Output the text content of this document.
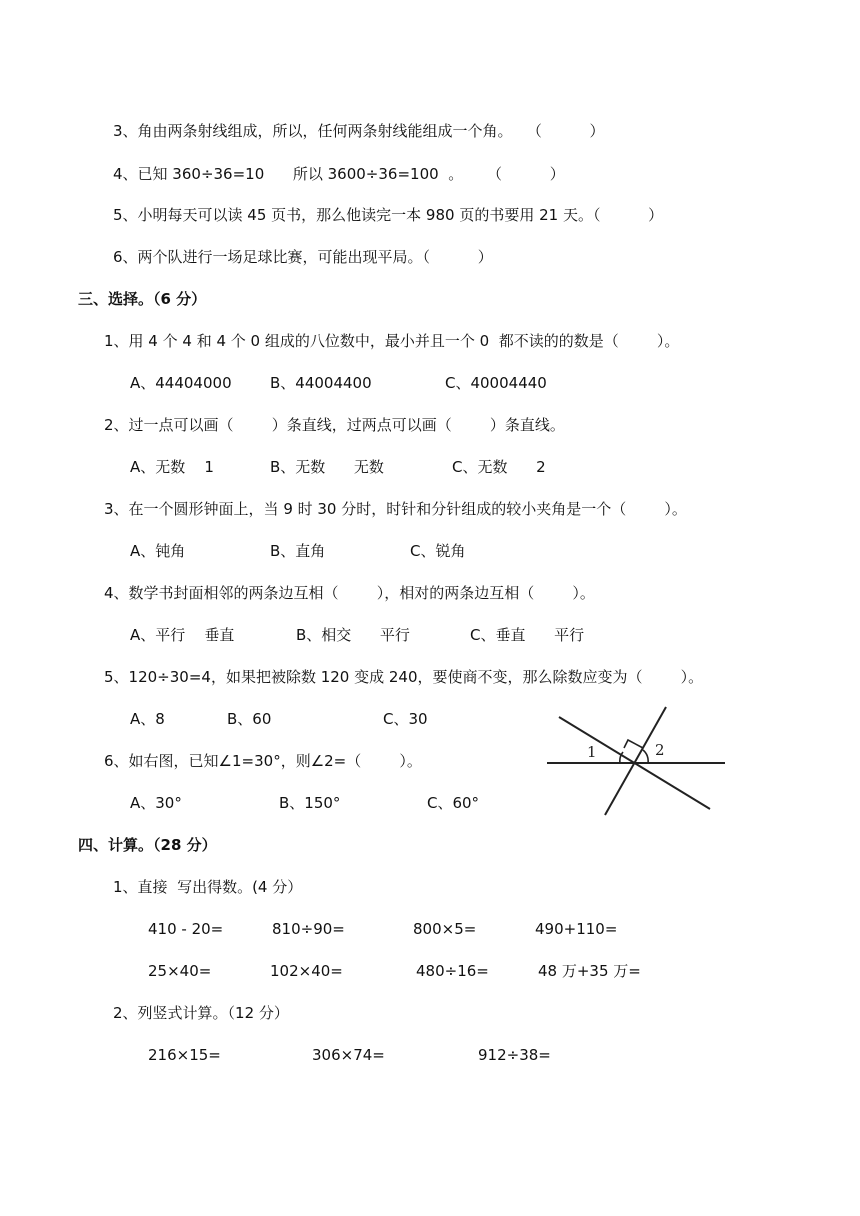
3、角由两条射线组成，所以，任何两条射线能组成一个角。   （          ）
4、已知 360÷36=10      所以 3600÷36=100  。     （          ）
5、小明每天可以读 45 页书，那么他读完一本 980 页的书要用 21 天。（          ）
6、两个队进行一场足球比赛，可能出现平局。（          ）
三、选择。（6 分）
1、用 4 个 4 和 4 个 0 组成的八位数中，最小并且一个 0  都不读的的数是（        ）。
A、44404000	B、44004400	C、40004440
2、过一点可以画（        ）条直线，过两点可以画（        ）条直线。
A、无数    1	B、无数      无数	C、无数      2
3、在一个圆形钟面上，当 9 时 30 分时，时针和分针组成的较小夹角是一个（        ）。
A、钝角	B、直角	C、锐角
4、数学书封面相邻的两条边互相（        ），相对的两条边互相（        ）。
A、平行    垂直	B、相交      平行	C、垂直      平行
5、120÷30=4，如果把被除数 120 变成 240，要使商不变，那么除数应变为（        ）。
A、8	B、60	C、30
6、如右图，已知∠1=30°，则∠2=（        ）。
A、30°	B、150°	C、60°
1	2
四、计算。（28 分）
1、直接  写出得数。(4 分）
410 - 20=	810÷90=	800×5=	490+110=
25×40=	102×40=	480÷16=	48 万+35 万=
2、列竖式计算。（12 分）
216×15=	306×74=	912÷38=
